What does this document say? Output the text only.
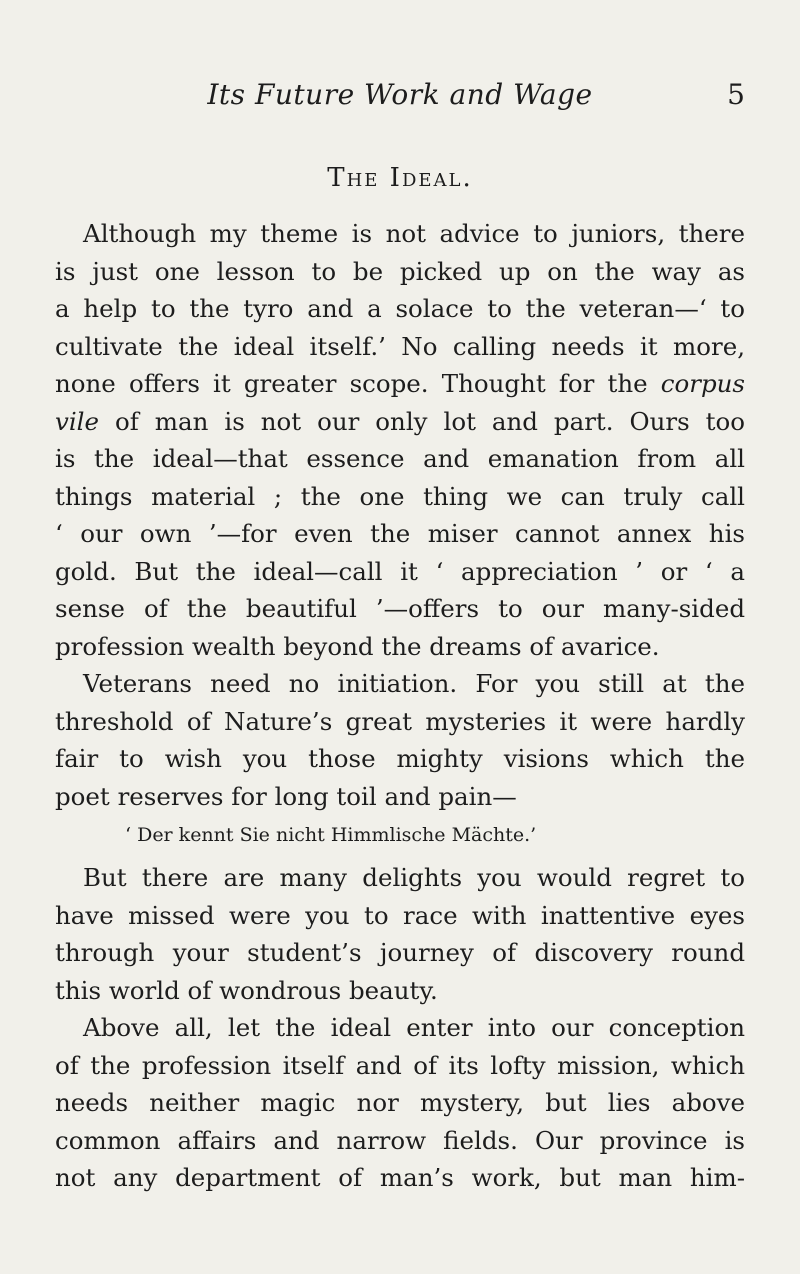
Its Future Work and Wage	5
The Ideal.
Although my theme is not advice to juniors, there
is just one lesson to be picked up on the way as
a help to the tyro and a solace to the veteran—‘ to
cultivate the ideal itself.’ No calling needs it more,
none offers it greater scope. Thought for the corpus
vile of man is not our only lot and part. Ours too
is the ideal—that essence and emanation from all
things material ; the one thing we can truly call
‘ our own ’—for even the miser cannot annex his
gold. But the ideal—call it ‘ appreciation ’ or ‘ a
sense of the beautiful ’—offers to our many-sided
profession wealth beyond the dreams of avarice.
Veterans need no initiation. For you still at the
threshold of Nature’s great mysteries it were hardly
fair to wish you those mighty visions which the
poet reserves for long toil and pain—
‘ Der kennt Sie nicht Himmlische Mächte.’
But there are many delights you would regret to
have missed were you to race with inattentive eyes
through your student’s journey of discovery round
this world of wondrous beauty.
Above all, let the ideal enter into our conception
of the profession itself and of its lofty mission, which
needs neither magic nor mystery, but lies above
common affairs and narrow fields. Our province is
not any department of man’s work, but man him-
